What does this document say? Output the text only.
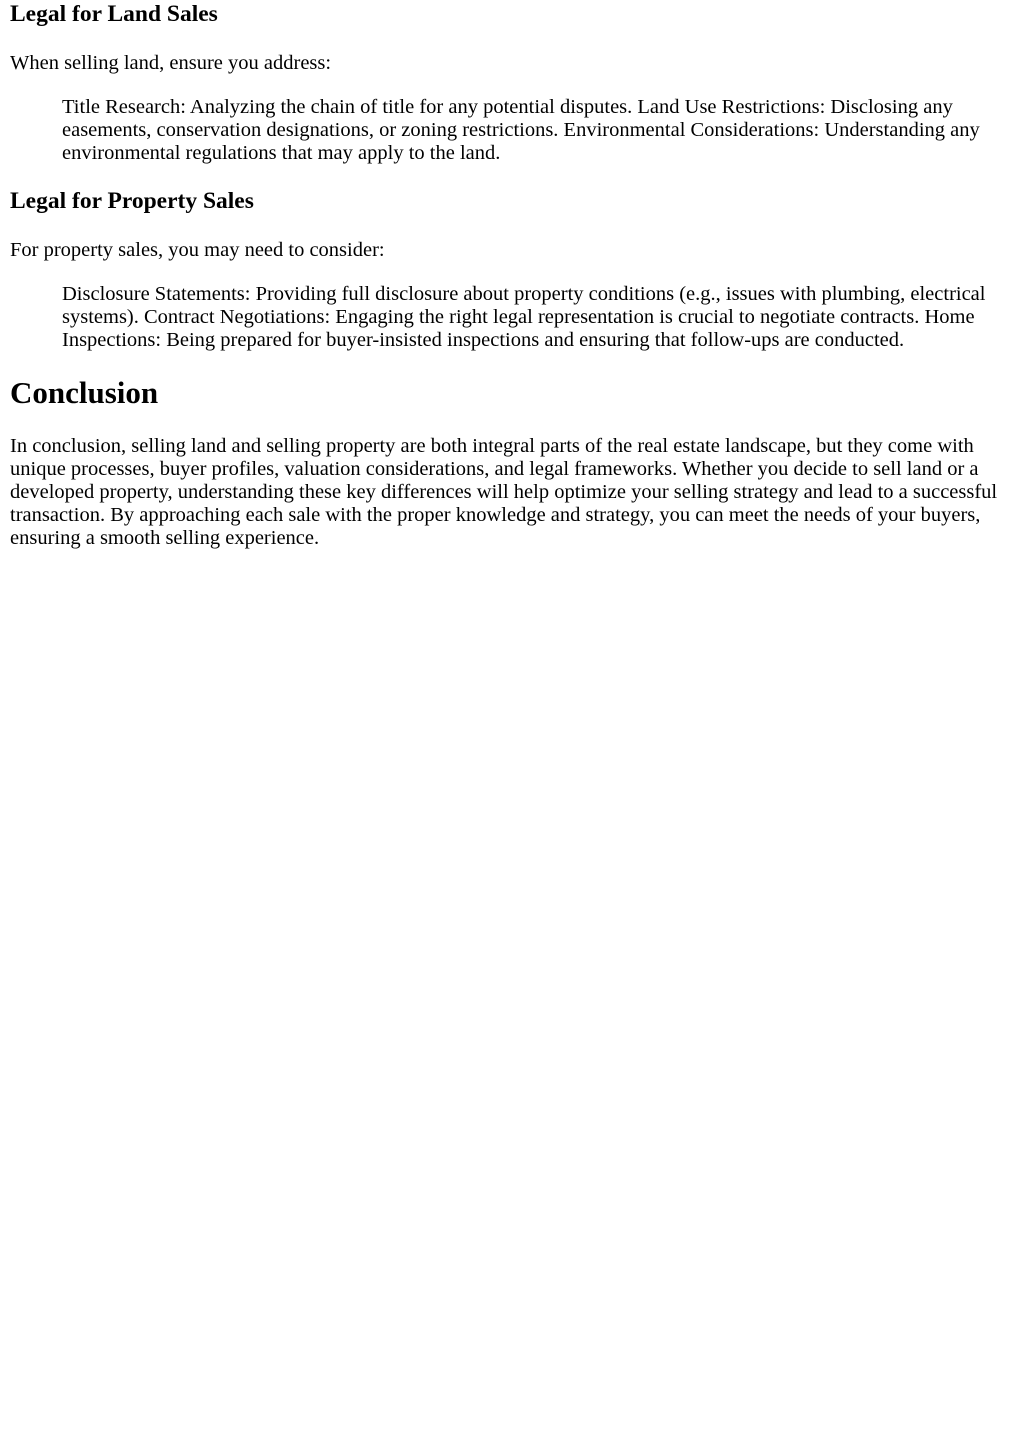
Legal for Land Sales

When selling land, ensure you address:

Title Research: Analyzing the chain of title for any potential disputes. Land Use Restrictions: Disclosing any easements, conservation designations, or zoning restrictions. Environmental Considerations: Understanding any environmental regulations that may apply to the land.
Legal for Property Sales

For property sales, you may need to consider:

Disclosure Statements: Providing full disclosure about property conditions (e.g., issues with plumbing, electrical systems). Contract Negotiations: Engaging the right legal representation is crucial to negotiate contracts. Home Inspections: Being prepared for buyer-insisted inspections and ensuring that follow-ups are conducted.
Conclusion

In conclusion, selling land and selling property are both integral parts of the real estate landscape, but they come with unique processes, buyer profiles, valuation considerations, and legal frameworks. Whether you decide to sell land or a developed property, understanding these key differences will help optimize your selling strategy and lead to a successful transaction. By approaching each sale with the proper knowledge and strategy, you can meet the needs of your buyers, ensuring a smooth selling experience.
